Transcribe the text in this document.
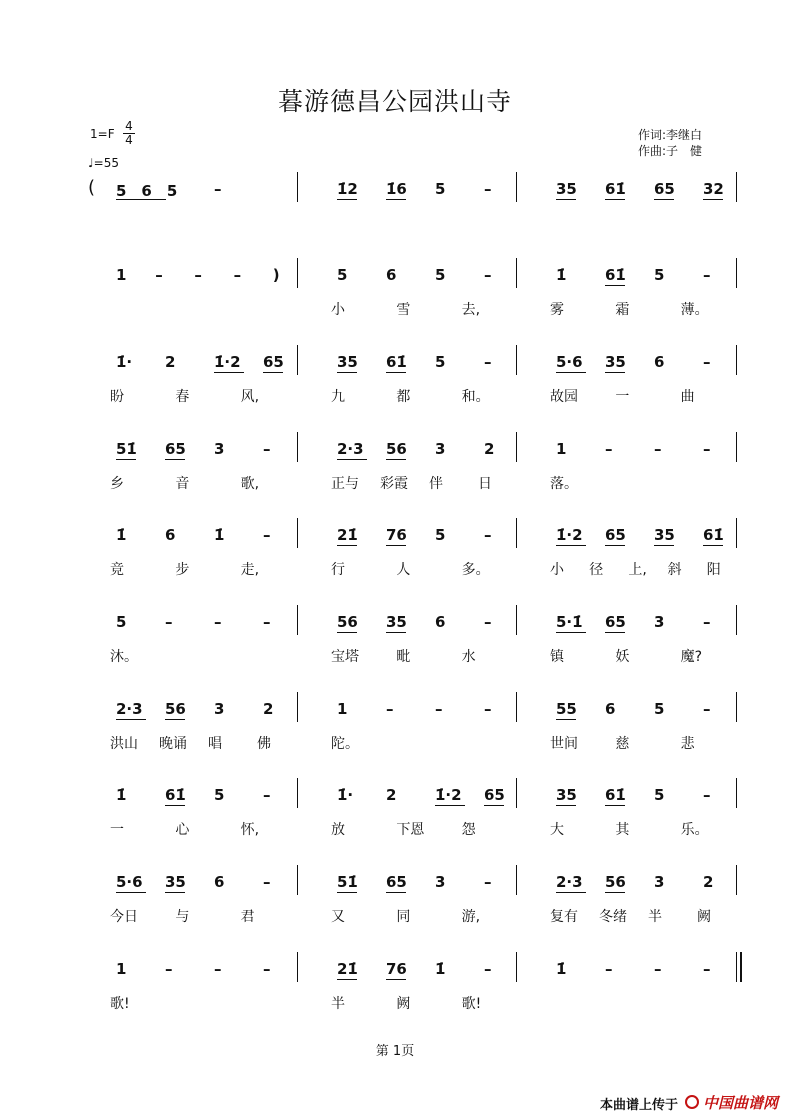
暮游德昌公园洪山寺
1=F
4
4
♩=55
作词:李继白
作曲:子　健
( 5　6　5 –	1̇2 1̇6 5	–	35 61̇ 65 32
1 – – – )	5	6	5	–
小	雪	去,
1̇	61̇ 5	–
雾	霜	薄。
1̇· 2	1̇·2 65
盼	春	风,
35 61̇ 5	–
九	都	和。
5·6 35 6	–
故园	一	曲
51̇ 65 3	–
乡	音	歌,
2·3 56 3	2
正与 彩霞 伴	日
1	–	–	–
落。
1̇	6	1̇	–
竞	步	走,
21̇ 76 5	–
行	人	多。
1̇·2 65 35 61̇
小 径 上, 斜 阳
5	–	–	–
沐。
56 35 6	–
宝塔	毗	水
5·1̇ 65 3	–
镇	妖	魔?
2·3 56 3	2
洪山 晚诵 唱	佛
1	–	–	–
陀。
55 6	5	–
世间	慈	悲
1̇	61̇ 5	–
一	心	怀,
1̇· 2	1̇·2 65
放	下恩	怨
35 61̇ 5	–
大	其	乐。
5·6 35 6	–
今日	与	君
51̇ 65 3	–
又	同	游,
2·3 56 3	2
复有 冬绪 半	阙
1	–	–	–
歌!
21̇ 76 1̇	–
半	阙	歌!
1̇	–	–	–
第 1页
本曲谱上传于 中国曲谱网
